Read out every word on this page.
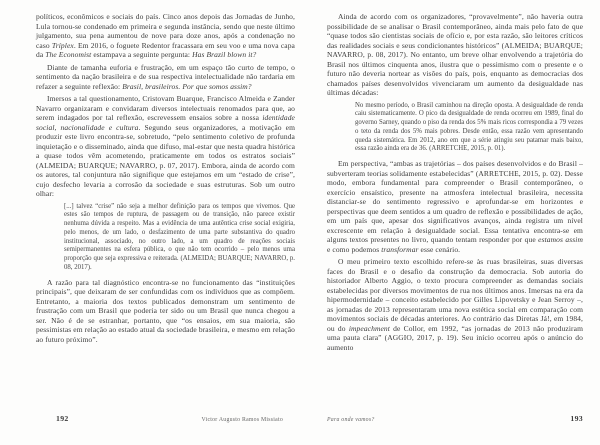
políticos, econômicos e sociais do país. Cinco anos depois das Jornadas de Junho, Lula tornou-se condenado em primeira e segunda instância, sendo que neste último julgamento, sua pena aumentou de nove para doze anos, após a condenação no caso Tríplex. Em 2016, o foguete Redentor fracassara em seu voo e uma nova capa da The Economist estampava a seguinte pergunta: Has Brazil blown it?

Diante de tamanha euforia e frustração, em um espaço tão curto de tempo, o sentimento da nação brasileira e de sua respectiva intelectualidade não tardaria em refazer a seguinte reflexão: Brasil, brasileiros. Por que somos assim?

Imersos a tal questionamento, Cristovam Buarque, Francisco Almeida e Zander Navarro organizaram e convidaram diversos intelectuais renomados para que, ao serem indagados por tal reflexão, escrevessem ensaios sobre a nossa identidade social, nacionalidade e cultura. Segundo seus organizadores, a motivação em produzir este livro encontra-se, sobretudo, “pelo sentimento coletivo de profunda inquietação e o disseminado, ainda que difuso, mal-estar que nesta quadra histórica a quase todos vêm acometendo, praticamente em todos os estratos sociais” (ALMEIDA; BUARQUE; NAVARRO, p. 07, 2017). Embora, ainda de acordo com os autores, tal conjuntura não signifique que estejamos em um “estado de crise”, cujo desfecho levaria a corrosão da sociedade e suas estruturas. Sob um outro olhar:

[...] talvez “crise” não seja a melhor definição para os tempos que vivemos. Que estes são tempos de ruptura, de passagem ou de transição, não parece existir nenhuma dúvida a respeito. Mas a evidência de uma autêntica crise social exigiria, pelo menos, de um lado, o desfazimento de uma parte substantiva do quadro institucional, associado, no outro lado, a um quadro de reações sociais semipermanentes na esfera pública, o que não tem ocorrido – pelo menos uma proporção que seja expressiva e reiterada. (ALMEIDA; BUARQUE; NAVARRO, p. 08, 2017).

A razão para tal diagnóstico encontra-se no funcionamento das “instituições principais”, que deixaram de ser confundidas com os indivíduos que as compõem. Entretanto, a maioria dos textos publicados demonstram um sentimento de frustração com um Brasil que poderia ter sido ou um Brasil que nunca chegou a ser. Não é de se estranhar, portanto, que “os ensaios, em sua maioria, são pessimistas em relação ao estado atual da sociedade brasileira, e mesmo em relação ao futuro próximo”.

Ainda de acordo com os organizadores, “provavelmente”, não haveria outra possibilidade de se analisar o Brasil contemporâneo, ainda mais pelo fato de que “quase todos são cientistas sociais de ofício e, por esta razão, são leitores críticos das realidades sociais e seus condicionantes históricos” (ALMEIDA; BUARQUE; NAVARRO, p. 08, 2017). No entanto, um breve olhar envolvendo a trajetória do Brasil nos últimos cinquenta anos, ilustra que o pessimismo com o presente e o futuro não deveria nortear as visões do país, pois, enquanto as democracias dos chamados países desenvolvidos vivenciaram um aumento da desigualdade nas últimas décadas:

No mesmo período, o Brasil caminhou na direção oposta. A desigualdade de renda caiu sistematicamente. O pico da desigualdade de renda ocorreu em 1989, final do governo Sarney, quando o piso da renda dos 5% mais ricos correspondia a 79 vezes o teto da renda dos 5% mais pobres. Desde então, essa razão vem apresentando queda sistemática. Em 2012, ano em que a série atingiu seu patamar mais baixo, essa razão ainda era de 36. (ARRETCHE, 2015, p. 01).

Em perspectiva, “ambas as trajetórias – dos países desenvolvidos e do Brasil – subverteram teorias solidamente estabelecidas” (ARRETCHE, 2015, p. 02). Desse modo, embora fundamental para compreender o Brasil contemporâneo, o exercício ensaístico, presente na atmosfera intelectual brasileira, necessita distanciar-se do sentimento regressivo e aprofundar-se em horizontes e perspectivas que deem sentidos a um quadro de reflexão e possibilidades de ação, em um país que, apesar dos significativos avanços, ainda registra um nível excrescente em relação à desigualdade social. Essa tentativa encontra-se em alguns textos presentes no livro, quando tentam responder por que estamos assim e como podemos transformar esse cenário.

O meu primeiro texto escolhido refere-se às ruas brasileiras, suas diversas faces do Brasil e o desafio da construção da democracia. Sob autoria do historiador Alberto Aggio, o texto procura compreender as demandas sociais estabelecidas por diversos movimentos de rua nos últimos anos. Imersas na era da hipermodernidade – conceito estabelecido por Gilles Lipovetsky e Jean Serroy –, as jornadas de 2013 representaram uma nova estética social em comparação com movimentos sociais de décadas anteriores. Ao contrário das Diretas Já!, em 1984, ou do impeachment de Collor, em 1992, “as jornadas de 2013 não produziram uma pauta clara” (AGGIO, 2017, p. 19). Seu início ocorreu após o anúncio do aumento

192	Victor Augusto Ramos Missiato	Para onde vamos?	193
